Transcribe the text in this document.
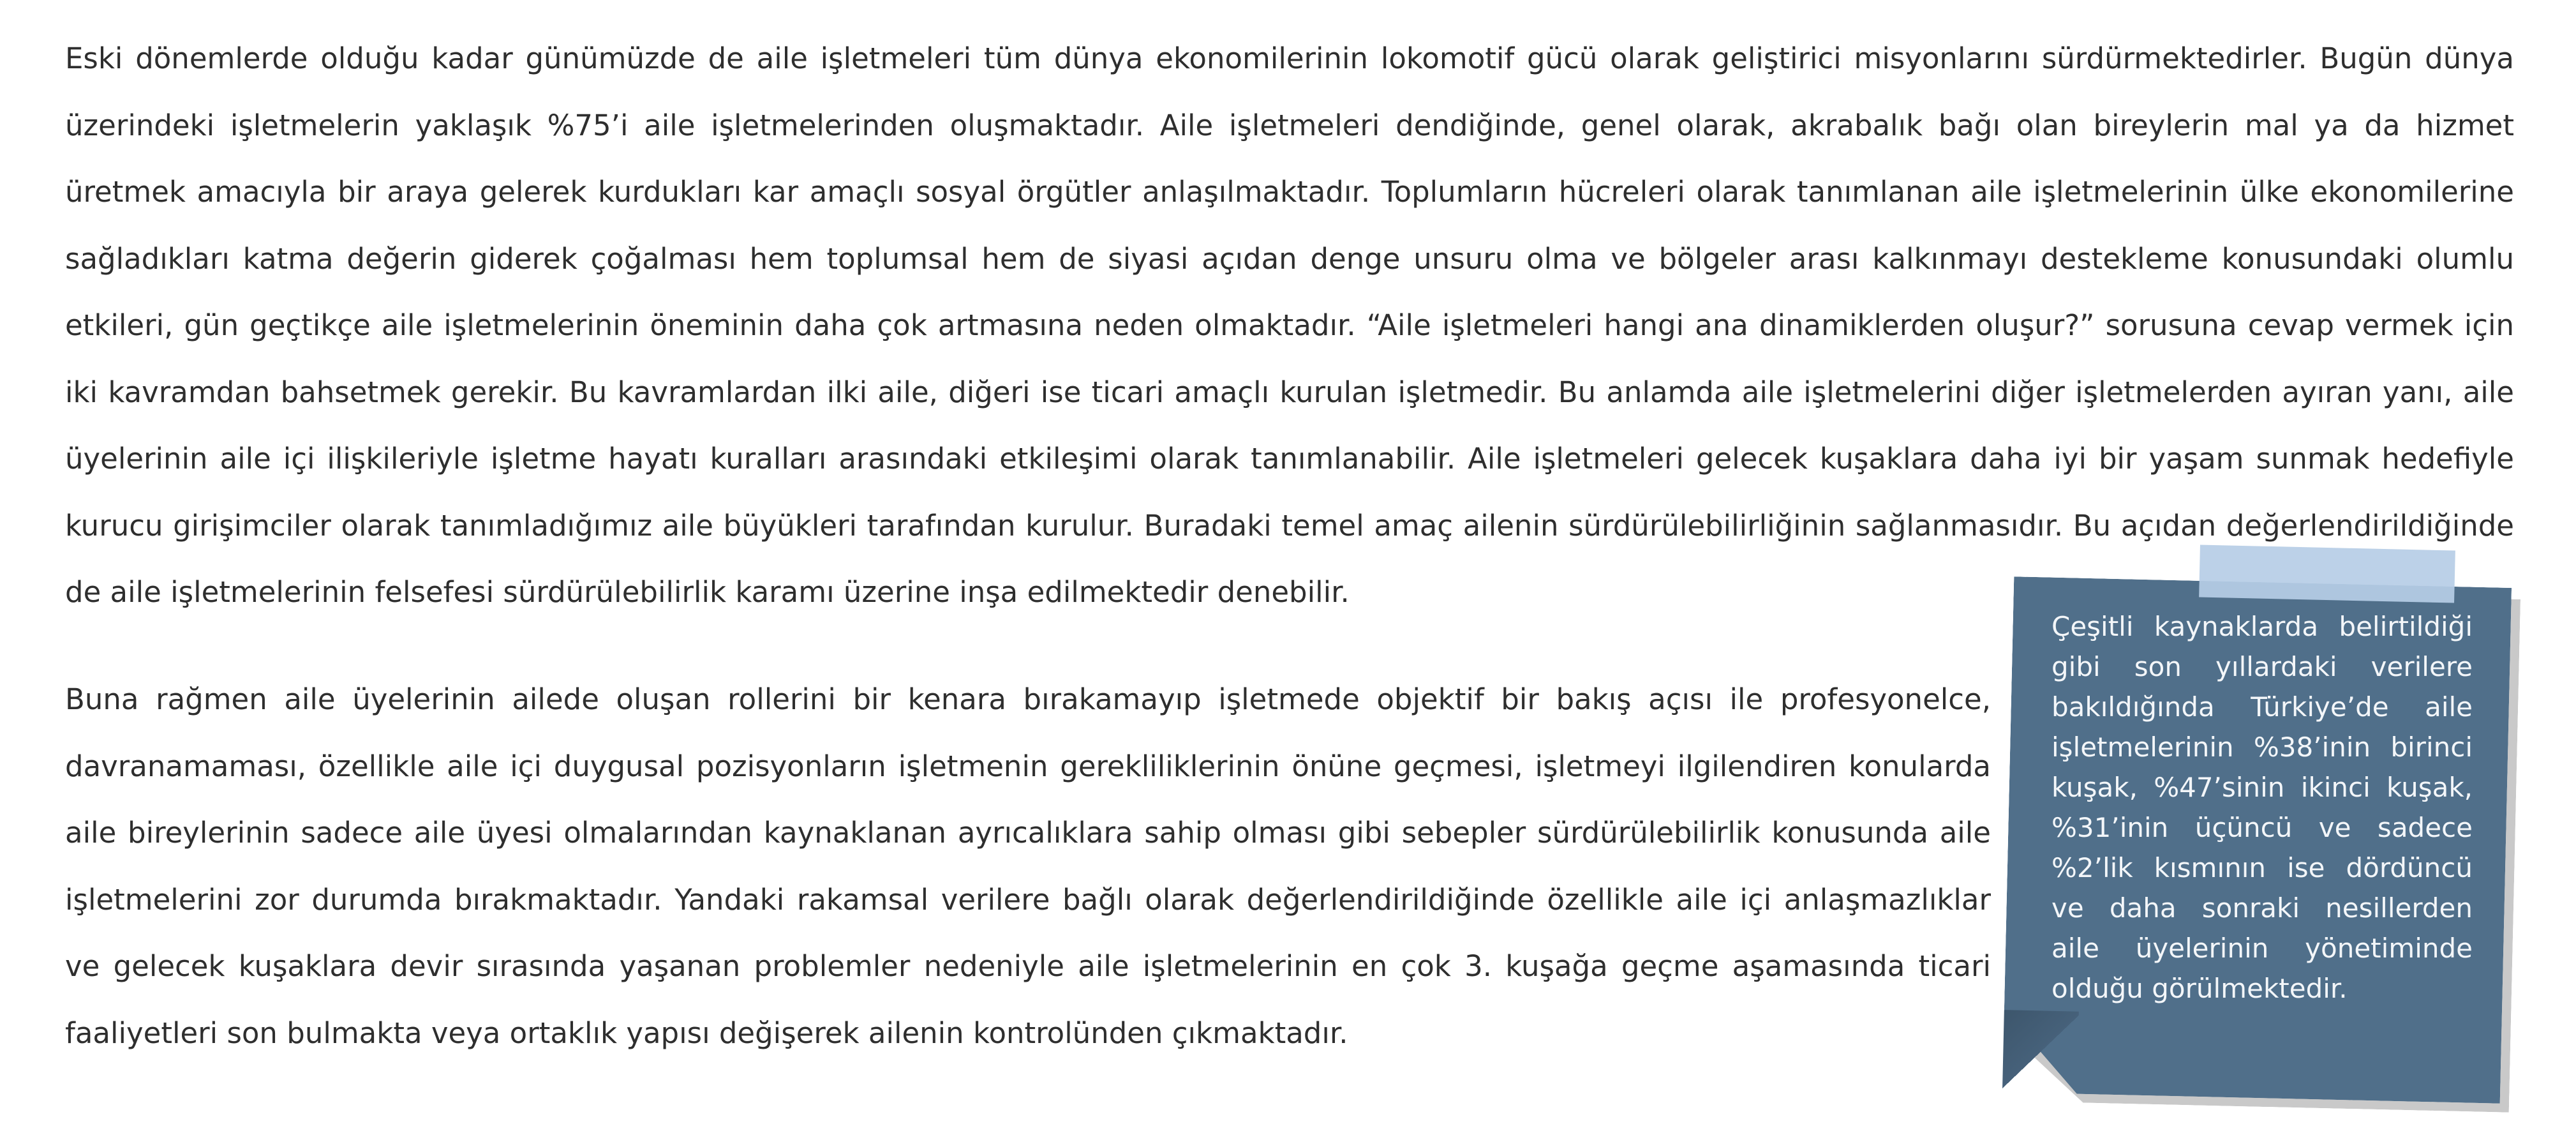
Eski dönemlerde olduğu kadar günümüzde de aile işletmeleri tüm dünya ekonomilerinin lokomotif gücü olarak geliştirici misyonlarını sürdürmektedirler. Bugün dünya üzerindeki işletmelerin yaklaşık %75’i aile işletmelerinden oluşmaktadır. Aile işletmeleri dendiğinde, genel olarak, akrabalık bağı olan bireylerin mal ya da hizmet üretmek amacıyla bir araya gelerek kurdukları kar amaçlı sosyal örgütler anlaşılmaktadır. Toplumların hücreleri olarak tanımlanan aile işletmelerinin ülke ekonomilerine sağladıkları katma değerin giderek çoğalması hem toplumsal hem de siyasi açıdan denge unsuru olma ve bölgeler arası kalkınmayı destekleme konusundaki olumlu etkileri, gün geçtikçe aile işletmelerinin öneminin daha çok artmasına neden olmaktadır. “Aile işletmeleri hangi ana dinamiklerden oluşur?” sorusuna cevap vermek için iki kavramdan bahsetmek gerekir. Bu kavramlardan ilki aile, diğeri ise ticari amaçlı kurulan işletmedir. Bu anlamda aile işletmelerini diğer işletmelerden ayıran yanı, aile üyelerinin aile içi ilişkileriyle işletme hayatı kuralları arasındaki etkileşimi olarak tanımlanabilir. Aile işletmeleri gelecek kuşaklara daha iyi bir yaşam sunmak hedefiyle kurucu girişimciler olarak tanımladığımız aile büyükleri tarafından kurulur. Buradaki temel amaç ailenin sürdürülebilirliğinin sağlanmasıdır. Bu açıdan değerlendirildiğinde de aile işletmelerinin felsefesi sürdürülebilirlik karamı üzerine inşa edilmektedir denebilir.

Buna rağmen aile üyelerinin ailede oluşan rollerini bir kenara bırakamayıp işletmede objektif bir bakış açısı ile profesyonelce, davranamaması, özellikle aile içi duygusal pozisyonların işletmenin gerekliliklerinin önüne geçmesi, işletmeyi ilgilendiren konularda aile bireylerinin sadece aile üyesi olmalarından kaynaklanan ayrıcalıklara sahip olması gibi sebepler sürdürülebilirlik konusunda aile işletmelerini zor durumda bırakmaktadır. Yandaki rakamsal verilere bağlı olarak değerlendirildiğinde özellikle aile içi anlaşmazlıklar ve gelecek kuşaklara devir sırasında yaşanan problemler nedeniyle aile işletmelerinin en çok 3. kuşağa geçme aşamasında ticari faaliyetleri son bulmakta veya ortaklık yapısı değişerek ailenin kontrolünden çıkmaktadır.

Çeşitli kaynaklarda belirtildiği gibi son yıllardaki verilere bakıldığında Türkiye’de aile işletmelerinin %38’inin birinci kuşak, %47’sinin ikinci kuşak, %31’inin üçüncü ve sadece %2’lik kısmının ise dördüncü ve daha sonraki nesillerden aile üyelerinin yönetiminde olduğu görülmektedir.
